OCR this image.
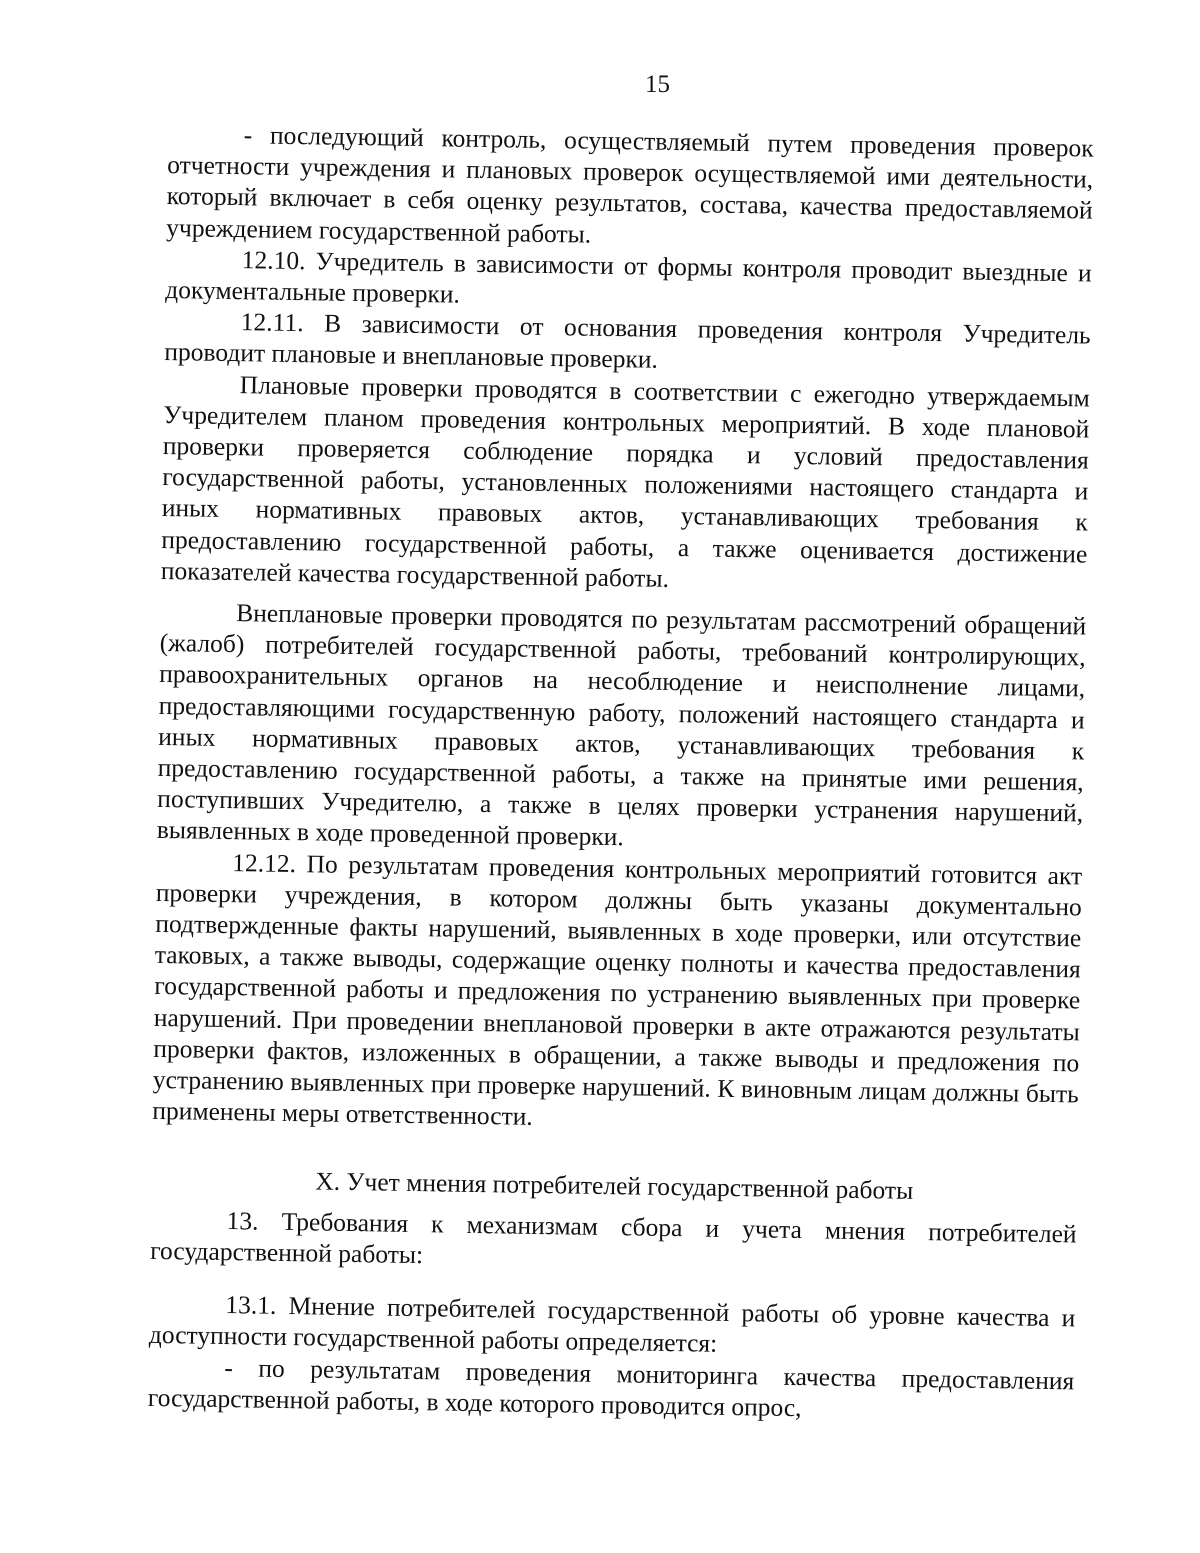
15

- последующий контроль, осуществляемый путем проведения проверок отчетности учреждения и плановых проверок осуществляемой ими деятельности, который включает в себя оценку результатов, состава, качества предоставляемой учреждением государственной работы.

12.10. Учредитель в зависимости от формы контроля проводит выездные и документальные проверки.

12.11. В зависимости от основания проведения контроля Учредитель проводит плановые и внеплановые проверки.

Плановые проверки проводятся в соответствии с ежегодно утверждаемым Учредителем планом проведения контрольных мероприятий. В ходе плановой проверки проверяется соблюдение порядка и условий предоставления государственной работы, установленных положениями настоящего стандарта и иных нормативных правовых актов, устанавливающих требования к предоставлению государственной работы, а также оценивается достижение показателей качества государственной работы.

Внеплановые проверки проводятся по результатам рассмотрений обращений (жалоб) потребителей государственной работы, требований контролирующих, правоохранительных органов на несоблюдение и неисполнение лицами, предоставляющими государственную работу, положений настоящего стандарта и иных нормативных правовых актов, устанавливающих требования к предоставлению государственной работы, а также на принятые ими решения, поступивших Учредителю, а также в целях проверки устранения нарушений, выявленных в ходе проведенной проверки.

12.12. По результатам проведения контрольных мероприятий готовится акт проверки учреждения, в котором должны быть указаны документально подтвержденные факты нарушений, выявленных в ходе проверки, или отсутствие таковых, а также выводы, содержащие оценку полноты и качества предоставления государственной работы и предложения по устранению выявленных при проверке нарушений. При проведении внеплановой проверки в акте отражаются результаты проверки фактов, изложенных в обращении, а также выводы и предложения по устранению выявленных при проверке нарушений. К виновным лицам должны быть применены меры ответственности.

X. Учет мнения потребителей государственной работы

13. Требования к механизмам сбора и учета мнения потребителей государственной работы:

13.1. Мнение потребителей государственной работы об уровне качества и доступности государственной работы определяется:

- по результатам проведения мониторинга качества предоставления государственной работы, в ходе которого проводится опрос,
